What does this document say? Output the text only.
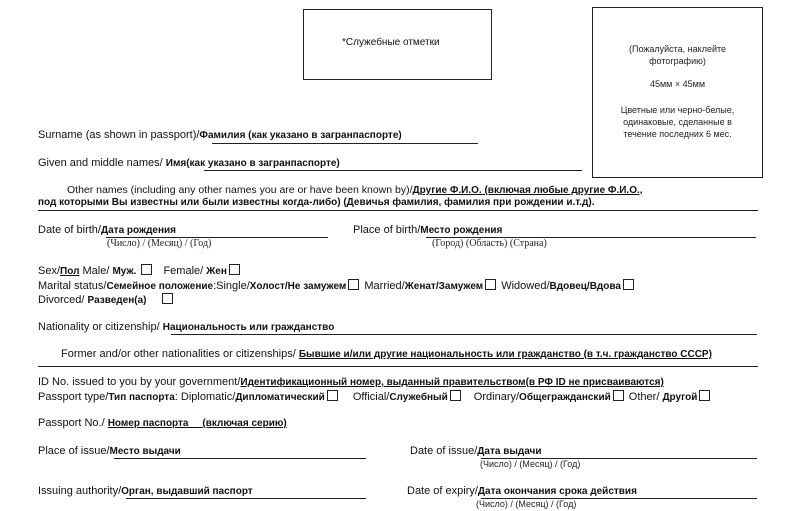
*Служебные отметки
(Пожалуйста, наклейте
фотографию)
45мм × 45мм
Цветные или черно-белые,
одинаковые, сделанные в
течение последних 6 мес.
Surname (as shown in passport)/Фамилия (как указано в загранпаспорте)
Given and middle names/ Имя(как указано в загранпаспорте)
Other names (including any other names you are or have been known by)/Другие Ф.И.О. (включая любые другие Ф.И.О.,
под которыми Вы известны или были известны когда-либо) (Девичья фамилия, фамилия при рождении и.т.д).
Date of birth/Дата рождения
(Число) / (Месяц) / (Год)
Place of birth/Место рождения
(Город) (Область) (Страна)
Sex/Пол Male/ Муж. Female/ Жен
Marital status/Семейное положение:Single/Холост/Не замужем Married/Женат/Замужем Widowed/Вдовец/Вдова
Divorced/ Разведен(а)
Nationality or citizenship/ Национальность или гражданство
Former and/or other nationalities or citizenships/ Бывшие и/или другие национальность или гражданство (в т.ч. гражданство СССР)
ID No. issued to you by your government/Идентификационный номер, выданный правительством(в РФ ID не присваиваются)
Passport type/Тип паспорта: Diplomatic/Дипломатический Official/Служебный Ordinary/Общегражданский Other/ Другой
Passport No./ Номер паспорта     (включая серию)
Place of issue/Место выдачи	Date of issue/Дата выдачи
(Число) / (Месяц) / (Год)
Issuing authority/Орган, выдавший паспорт	Date of expiry/Дата окончания срока действия
(Число) / (Месяц) / (Год)
